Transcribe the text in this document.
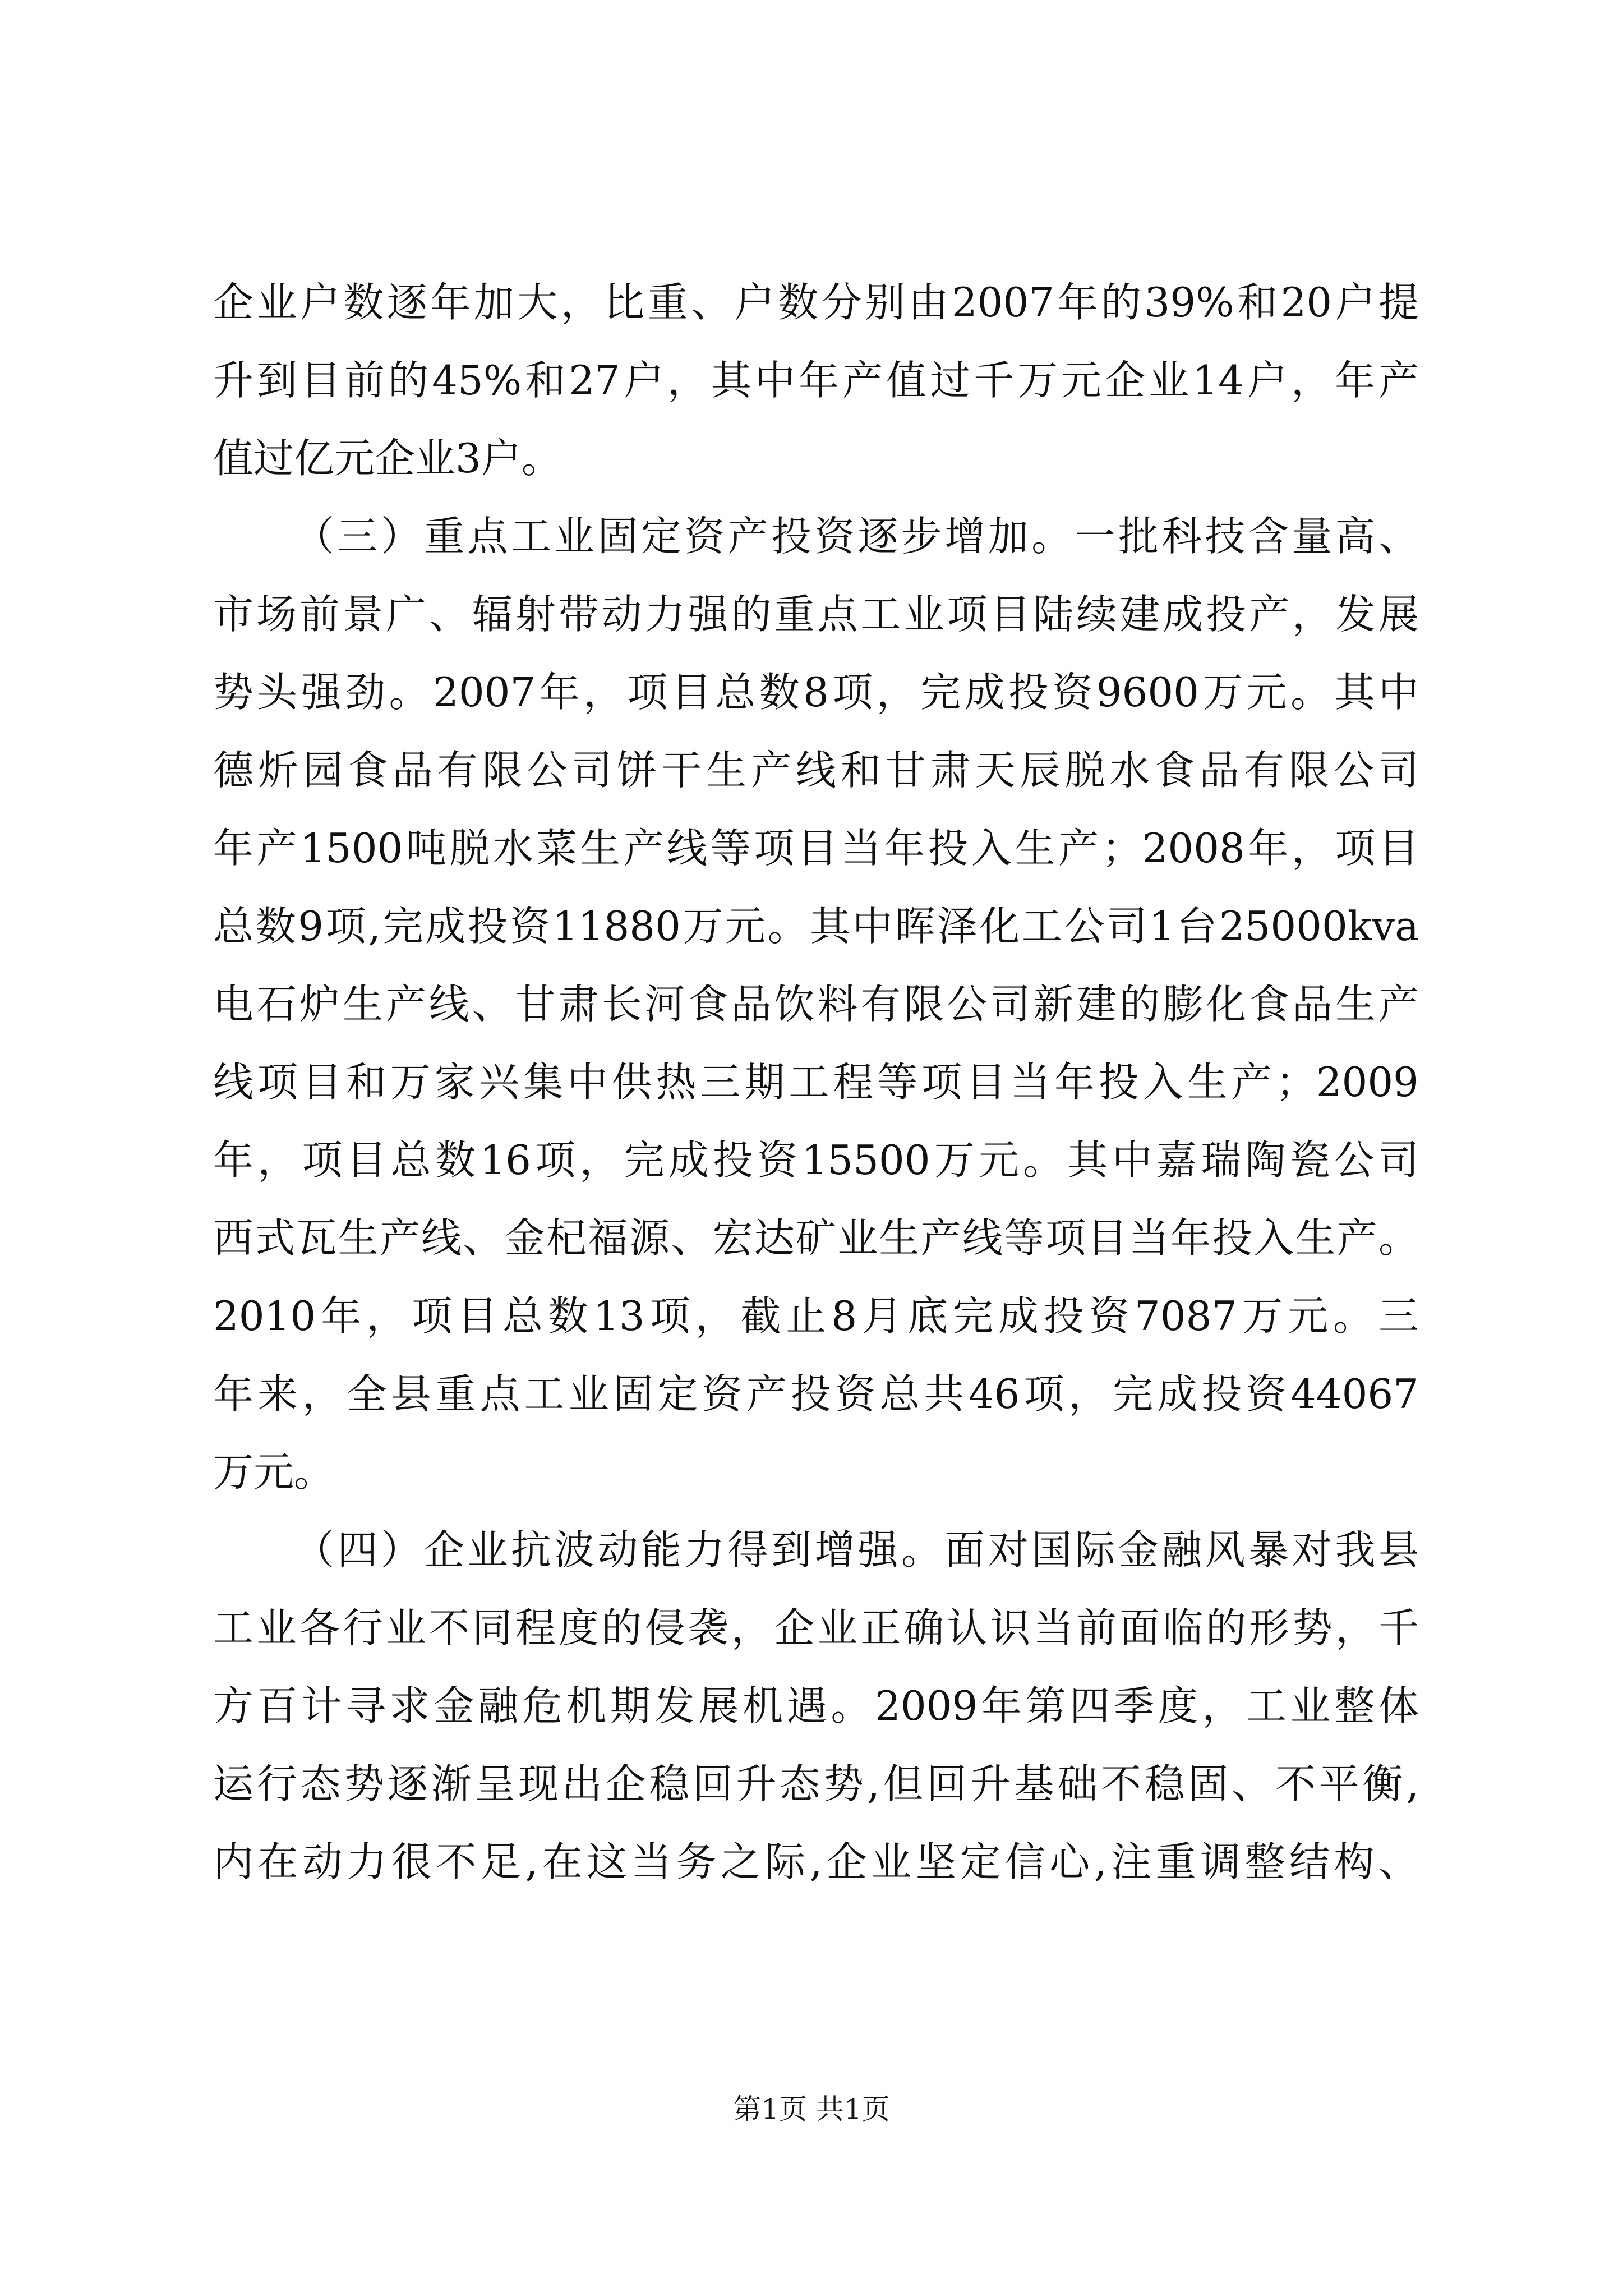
企业户数逐年加大，比重、户数分别由2007年的39%和20户提
升到目前的45%和27户，其中年产值过千万元企业14户，年产
值过亿元企业3户。
（三）重点工业固定资产投资逐步增加。一批科技含量高、
市场前景广、辐射带动力强的重点工业项目陆续建成投产，发展
势头强劲。2007年，项目总数8项，完成投资9600万元。其中
德炘园食品有限公司饼干生产线和甘肃天辰脱水食品有限公司
年产1500吨脱水菜生产线等项目当年投入生产；2008年，项目
总数9项,完成投资11880万元。其中晖泽化工公司1台25000kva
电石炉生产线、甘肃长河食品饮料有限公司新建的膨化食品生产
线项目和万家兴集中供热三期工程等项目当年投入生产；2009
年，项目总数16项，完成投资15500万元。其中嘉瑞陶瓷公司
西式瓦生产线、金杞福源、宏达矿业生产线等项目当年投入生产。
2010年，项目总数13项，截止8月底完成投资7087万元。三
年来，全县重点工业固定资产投资总共46项，完成投资44067
万元。
（四）企业抗波动能力得到增强。面对国际金融风暴对我县
工业各行业不同程度的侵袭，企业正确认识当前面临的形势，千
方百计寻求金融危机期发展机遇。2009年第四季度，工业整体
运行态势逐渐呈现出企稳回升态势,但回升基础不稳固、不平衡,
内在动力很不足,在这当务之际,企业坚定信心,注重调整结构、
第1页 共1页
